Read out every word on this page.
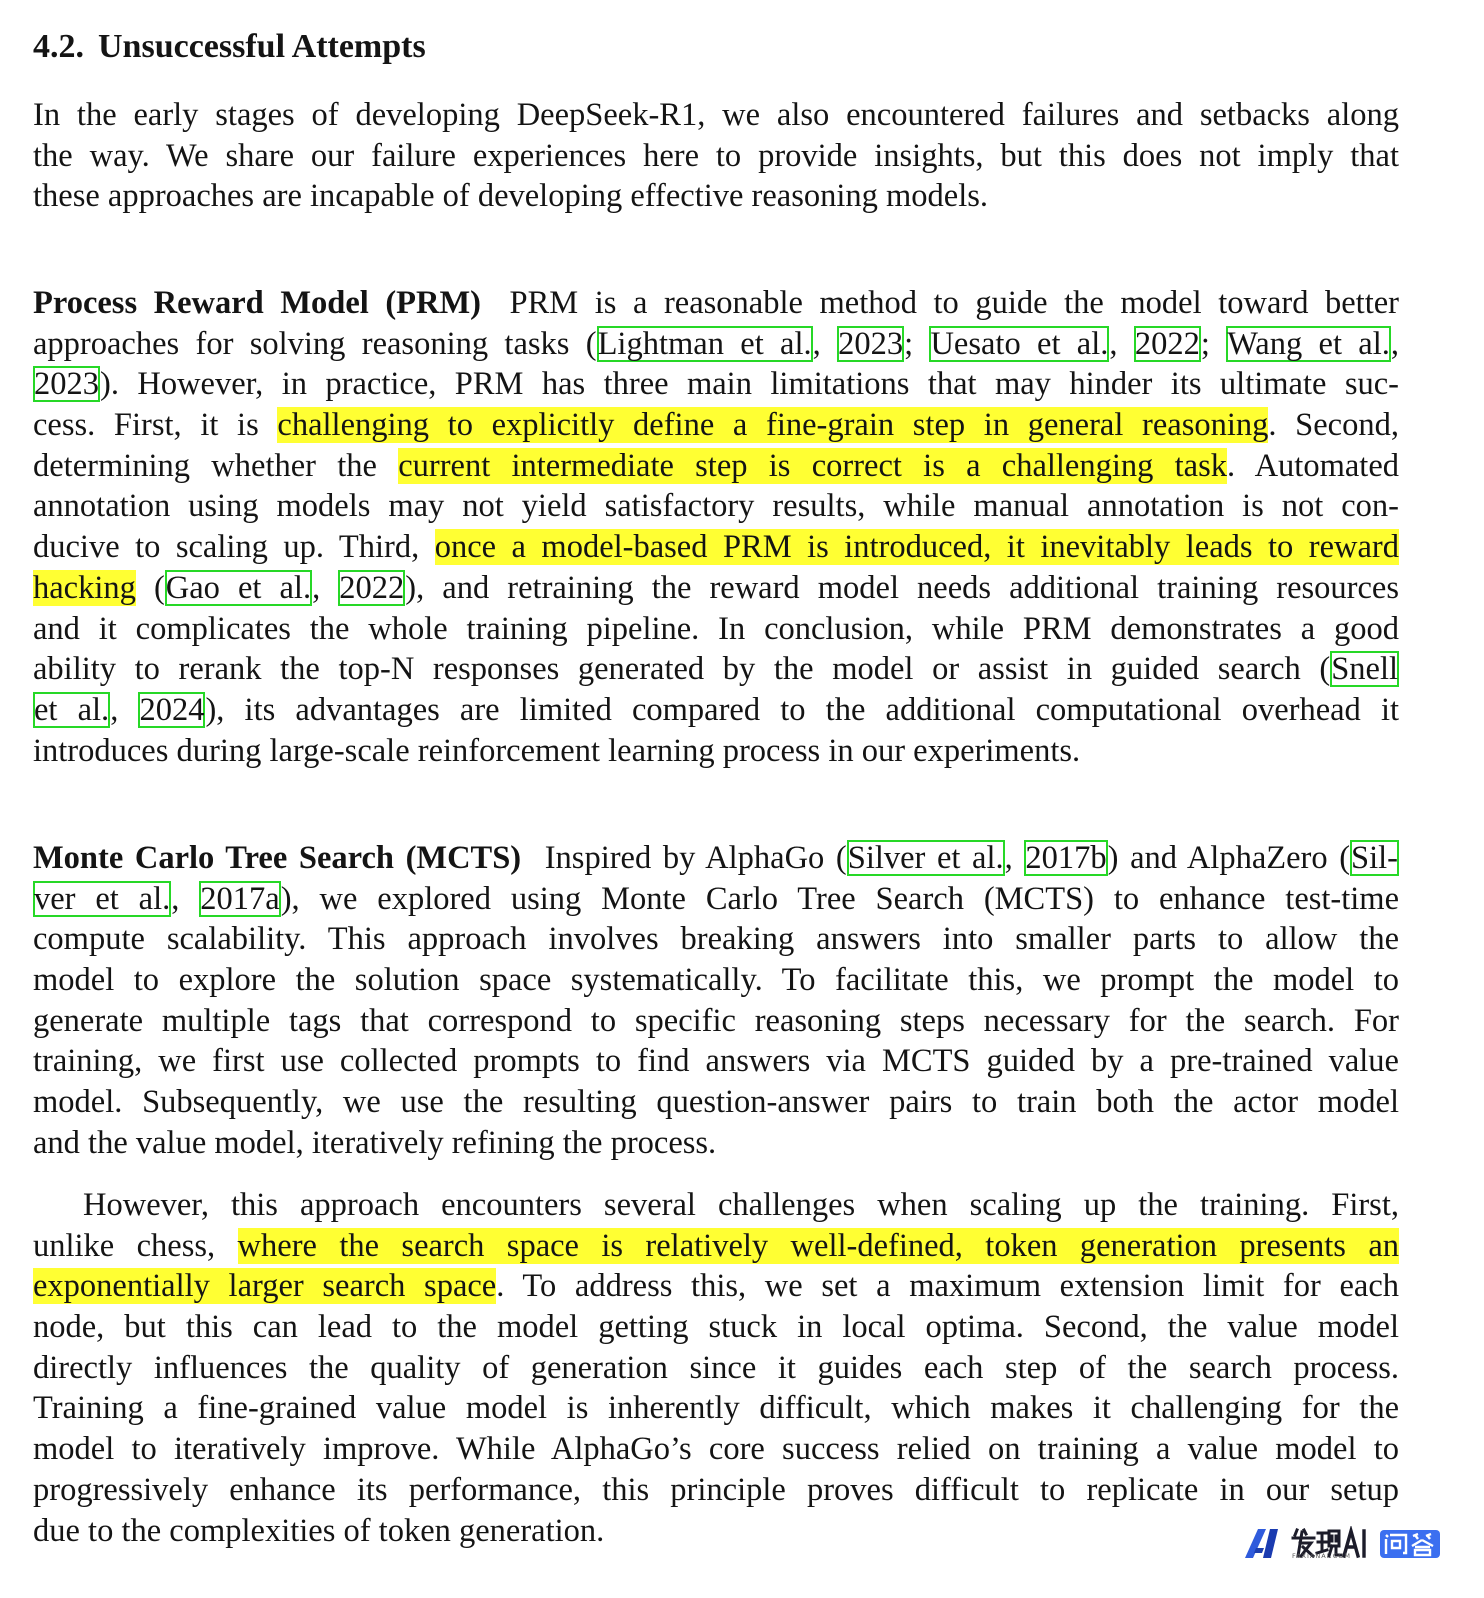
4.2. Unsuccessful Attempts
In the early stages of developing DeepSeek-R1, we also encountered failures and setbacks along
the way. We share our failure experiences here to provide insights, but this does not imply that
these approaches are incapable of developing effective reasoning models.
Process Reward Model (PRM) PRM is a reasonable method to guide the model toward better
approaches for solving reasoning tasks (Lightman et al., 2023; Uesato et al., 2022; Wang et al.,
2023). However, in practice, PRM has three main limitations that may hinder its ultimate suc-
cess. First, it is challenging to explicitly define a fine-grain step in general reasoning. Second,
determining whether the current intermediate step is correct is a challenging task. Automated
annotation using models may not yield satisfactory results, while manual annotation is not con-
ducive to scaling up. Third, once a model-based PRM is introduced, it inevitably leads to reward
hacking (Gao et al., 2022), and retraining the reward model needs additional training resources
and it complicates the whole training pipeline. In conclusion, while PRM demonstrates a good
ability to rerank the top-N responses generated by the model or assist in guided search (Snell
et al., 2024), its advantages are limited compared to the additional computational overhead it
introduces during large-scale reinforcement learning process in our experiments.
Monte Carlo Tree Search (MCTS) Inspired by AlphaGo (Silver et al., 2017b) and AlphaZero (Sil-
ver et al., 2017a), we explored using Monte Carlo Tree Search (MCTS) to enhance test-time
compute scalability. This approach involves breaking answers into smaller parts to allow the
model to explore the solution space systematically. To facilitate this, we prompt the model to
generate multiple tags that correspond to specific reasoning steps necessary for the search. For
training, we first use collected prompts to find answers via MCTS guided by a pre-trained value
model. Subsequently, we use the resulting question-answer pairs to train both the actor model
and the value model, iteratively refining the process.
However, this approach encounters several challenges when scaling up the training. First,
unlike chess, where the search space is relatively well-defined, token generation presents an
exponentially larger search space. To address this, we set a maximum extension limit for each
node, but this can lead to the model getting stuck in local optima. Second, the value model
directly influences the quality of generation since it guides each step of the search process.
Training a fine-grained value model is inherently difficult, which makes it challenging for the
model to iteratively improve. While AlphaGo’s core success relied on training a value model to
progressively enhance its performance, this principle proves difficult to replicate in our setup
due to the complexities of token generation.
FAXIANAI.COM
